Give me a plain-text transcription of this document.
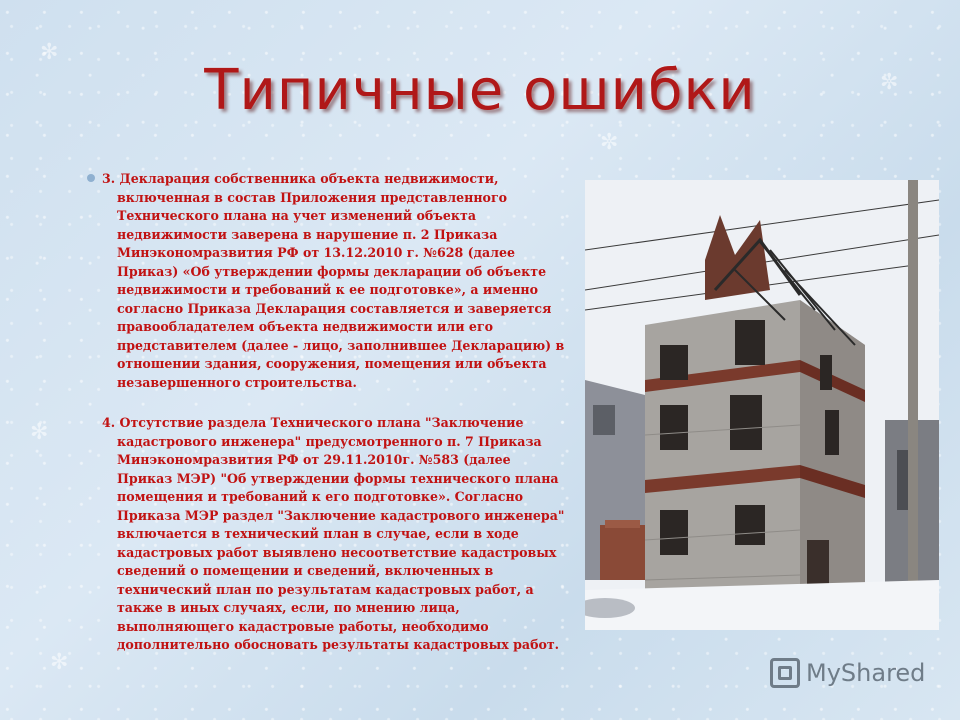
✻
✼
✻
✼
✻
Типичные ошибки

3. Декларация собственника объекта недвижимости, включенная в состав Приложения представленного Технического плана на учет изменений объекта недвижимости заверена в нарушение п. 2 Приказа Минэкономразвития РФ от 13.12.2010 г. №628 (далее Приказ) «Об утверждении формы декларации об объекте недвижимости и требований к ее подготовке», а именно согласно Приказа Декларация составляется и заверяется правообладателем объекта недвижимости или его представителем (далее - лицо, заполнившее Декларацию) в отношении здания, сооружения, помещения или объекта незавершенного строительства.

4. Отсутствие раздела Технического плана "Заключение кадастрового инженера" предусмотренного п. 7 Приказа Минэкономразвития РФ от 29.11.2010г. №583 (далее Приказ МЭР) "Об утверждении формы технического плана помещения и требований к его подготовке». Согласно Приказа МЭР раздел "Заключение кадастрового инженера" включается в технический план в случае, если в ходе кадастровых работ выявлено несоответствие кадастровых сведений о помещении и сведений, включенных в технический план по результатам кадастровых работ, а также в иных случаях, если, по мнению лица, выполняющего кадастровые работы, необходимо дополнительно обосновать результаты кадастровых работ.

MyShared
